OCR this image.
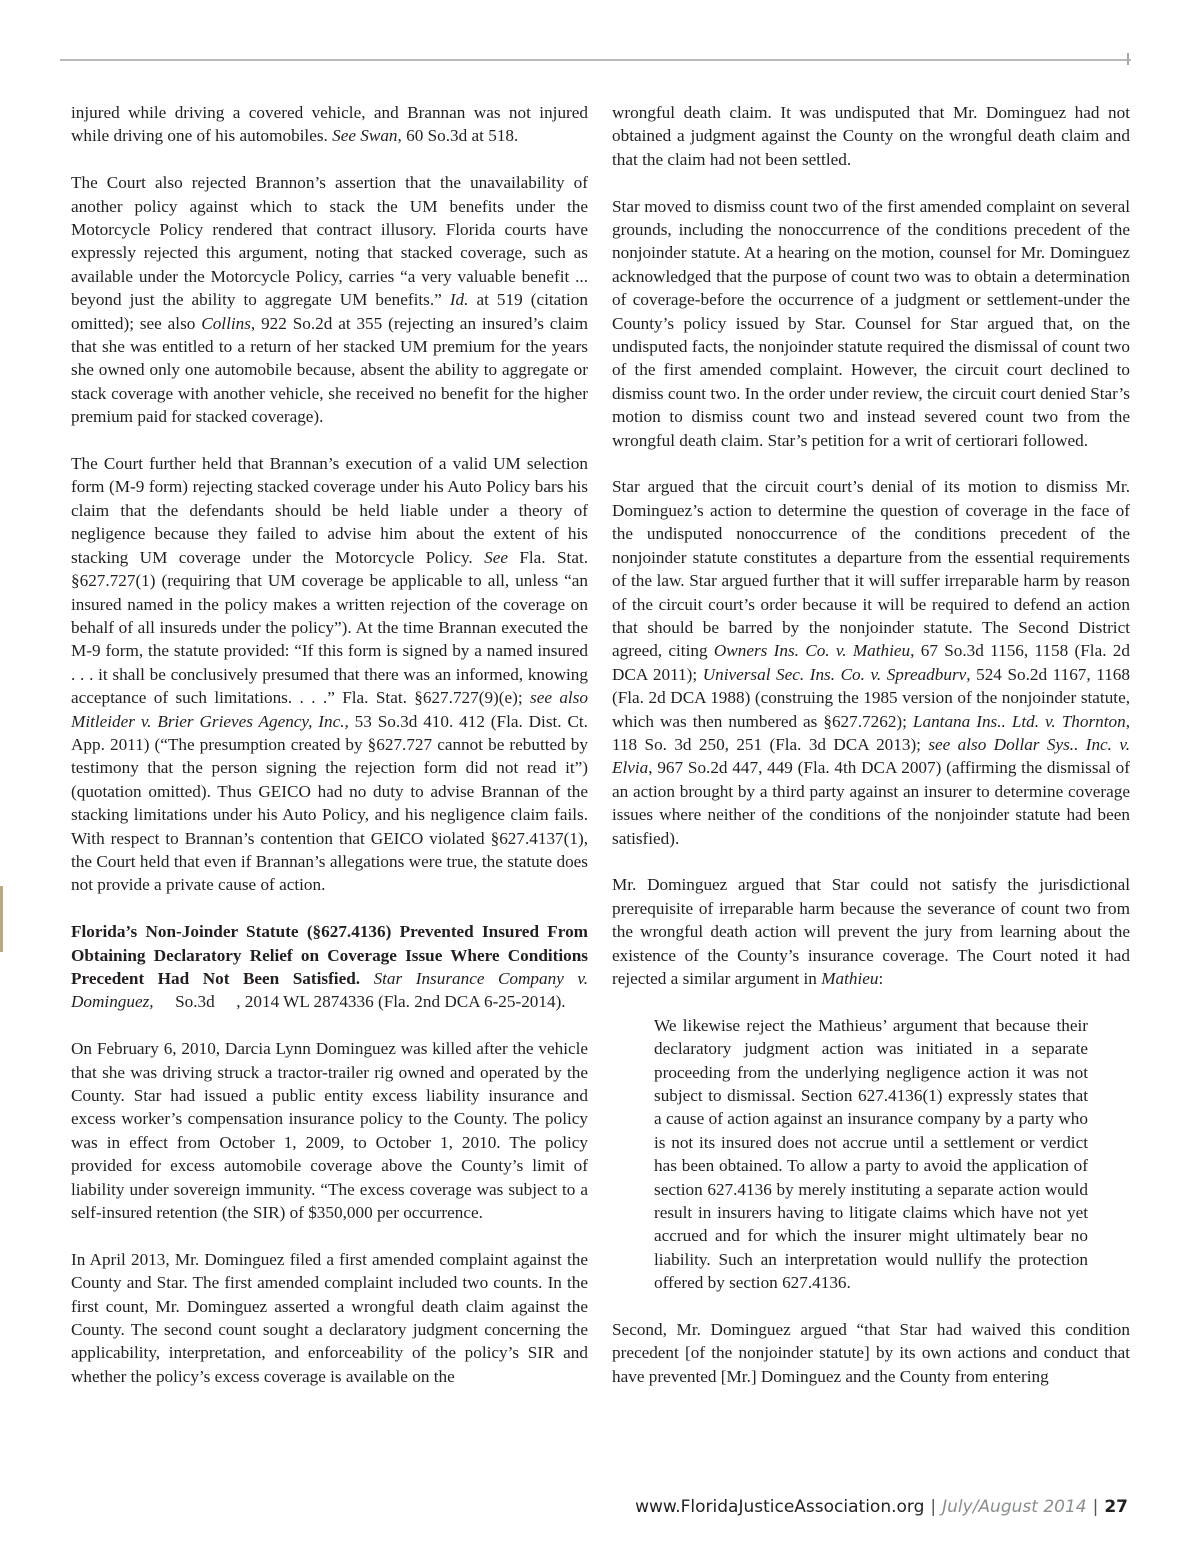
injured while driving a covered vehicle, and Brannan was not injured while driving one of his automobiles. See Swan, 60 So.3d at 518.

The Court also rejected Brannon’s assertion that the unavailability of another policy against which to stack the UM benefits under the Motorcycle Policy rendered that contract illusory. Florida courts have expressly rejected this argument, noting that stacked coverage, such as available under the Motorcycle Policy, carries “a very valuable benefit ... beyond just the ability to aggregate UM benefits.” Id. at 519 (citation omitted); see also Collins, 922 So.2d at 355 (rejecting an insured’s claim that she was entitled to a return of her stacked UM premium for the years she owned only one automobile because, absent the ability to aggregate or stack coverage with another vehicle, she received no benefit for the higher premium paid for stacked coverage).

The Court further held that Brannan’s execution of a valid UM selection form (M-9 form) rejecting stacked coverage under his Auto Policy bars his claim that the defendants should be held liable under a theory of negligence because they failed to advise him about the extent of his stacking UM coverage under the Motorcycle Policy. See Fla. Stat. §627.727(1) (requiring that UM coverage be applicable to all, unless “an insured named in the policy makes a written rejection of the coverage on behalf of all insureds under the policy”). At the time Brannan executed the M-9 form, the statute provided: “If this form is signed by a named insured . . . it shall be conclusively presumed that there was an informed, knowing acceptance of such limitations. . . .” Fla. Stat. §627.727(9)(e); see also Mitleider v. Brier Grieves Agency, Inc., 53 So.3d 410. 412 (Fla. Dist. Ct. App. 2011) (“The presumption created by §627.727 cannot be rebutted by testimony that the person signing the rejection form did not read it”) (quotation omitted). Thus GEICO had no duty to advise Brannan of the stacking limitations under his Auto Policy, and his negligence claim fails. With respect to Brannan’s contention that GEICO violated §627.4137(1), the Court held that even if Brannan’s allegations were true, the statute does not provide a private cause of action.

Florida’s Non-Joinder Statute (§627.4136) Prevented Insured From Obtaining Declaratory Relief on Coverage Issue Where Conditions Precedent Had Not Been Satisfied. Star Insurance Company v. Dominguez,     So.3d     , 2014 WL 2874336 (Fla. 2nd DCA 6-25-2014).

On February 6, 2010, Darcia Lynn Dominguez was killed after the vehicle that she was driving struck a tractor-trailer rig owned and operated by the County. Star had issued a public entity excess liability insurance and excess worker’s compensation insurance policy to the County. The policy was in effect from October 1, 2009, to October 1, 2010. The policy provided for excess automobile coverage above the County’s limit of liability under sovereign immunity. “The excess coverage was subject to a self-insured retention (the SIR) of $350,000 per occurrence.

In April 2013, Mr. Dominguez filed a first amended complaint against the County and Star. The first amended complaint included two counts. In the first count, Mr. Dominguez asserted a wrongful death claim against the County. The second count sought a declaratory judgment concerning the applicability, interpretation, and enforceability of the policy’s SIR and whether the policy’s excess coverage is available on the

wrongful death claim. It was undisputed that Mr. Dominguez had not obtained a judgment against the County on the wrongful death claim and that the claim had not been settled.

Star moved to dismiss count two of the first amended complaint on several grounds, including the nonoccurrence of the conditions precedent of the nonjoinder statute. At a hearing on the motion, counsel for Mr. Dominguez acknowledged that the purpose of count two was to obtain a determination of coverage-before the occurrence of a judgment or settlement-under the County’s policy issued by Star. Counsel for Star argued that, on the undisputed facts, the nonjoinder statute required the dismissal of count two of the first amended complaint. However, the circuit court declined to dismiss count two. In the order under review, the circuit court denied Star’s motion to dismiss count two and instead severed count two from the wrongful death claim. Star’s petition for a writ of certiorari followed.

Star argued that the circuit court’s denial of its motion to dismiss Mr. Dominguez’s action to determine the question of coverage in the face of the undisputed nonoccurrence of the conditions precedent of the nonjoinder statute constitutes a departure from the essential requirements of the law. Star argued further that it will suffer irreparable harm by reason of the circuit court’s order because it will be required to defend an action that should be barred by the nonjoinder statute. The Second District agreed, citing Owners Ins. Co. v. Mathieu, 67 So.3d 1156, 1158 (Fla. 2d DCA 2011); Universal Sec. Ins. Co. v. Spreadburv, 524 So.2d 1167, 1168 (Fla. 2d DCA 1988) (construing the 1985 version of the nonjoinder statute, which was then numbered as §627.7262); Lantana Ins.. Ltd. v. Thornton, 118 So. 3d 250, 251 (Fla. 3d DCA 2013); see also Dollar Sys.. Inc. v. Elvia, 967 So.2d 447, 449 (Fla. 4th DCA 2007) (affirming the dismissal of an action brought by a third party against an insurer to determine coverage issues where neither of the conditions of the nonjoinder statute had been satisfied).

Mr. Dominguez argued that Star could not satisfy the jurisdictional prerequisite of irreparable harm because the severance of count two from the wrongful death action will prevent the jury from learning about the existence of the County’s insurance coverage. The Court noted it had rejected a similar argument in Mathieu:

We likewise reject the Mathieus’ argument that because their declaratory judgment action was initiated in a separate proceeding from the underlying negligence action it was not subject to dismissal. Section 627.4136(1) expressly states that a cause of action against an insurance company by a party who is not its insured does not accrue until a settlement or verdict has been obtained. To allow a party to avoid the application of section 627.4136 by merely instituting a separate action would result in insurers having to litigate claims which have not yet accrued and for which the insurer might ultimately bear no liability. Such an interpretation would nullify the protection offered by section 627.4136.

Second, Mr. Dominguez argued “that Star had waived this condition precedent [of the nonjoinder statute] by its own actions and conduct that have prevented [Mr.] Dominguez and the County from entering

www.FloridaJusticeAssociation.org | July/August 2014 | 27
